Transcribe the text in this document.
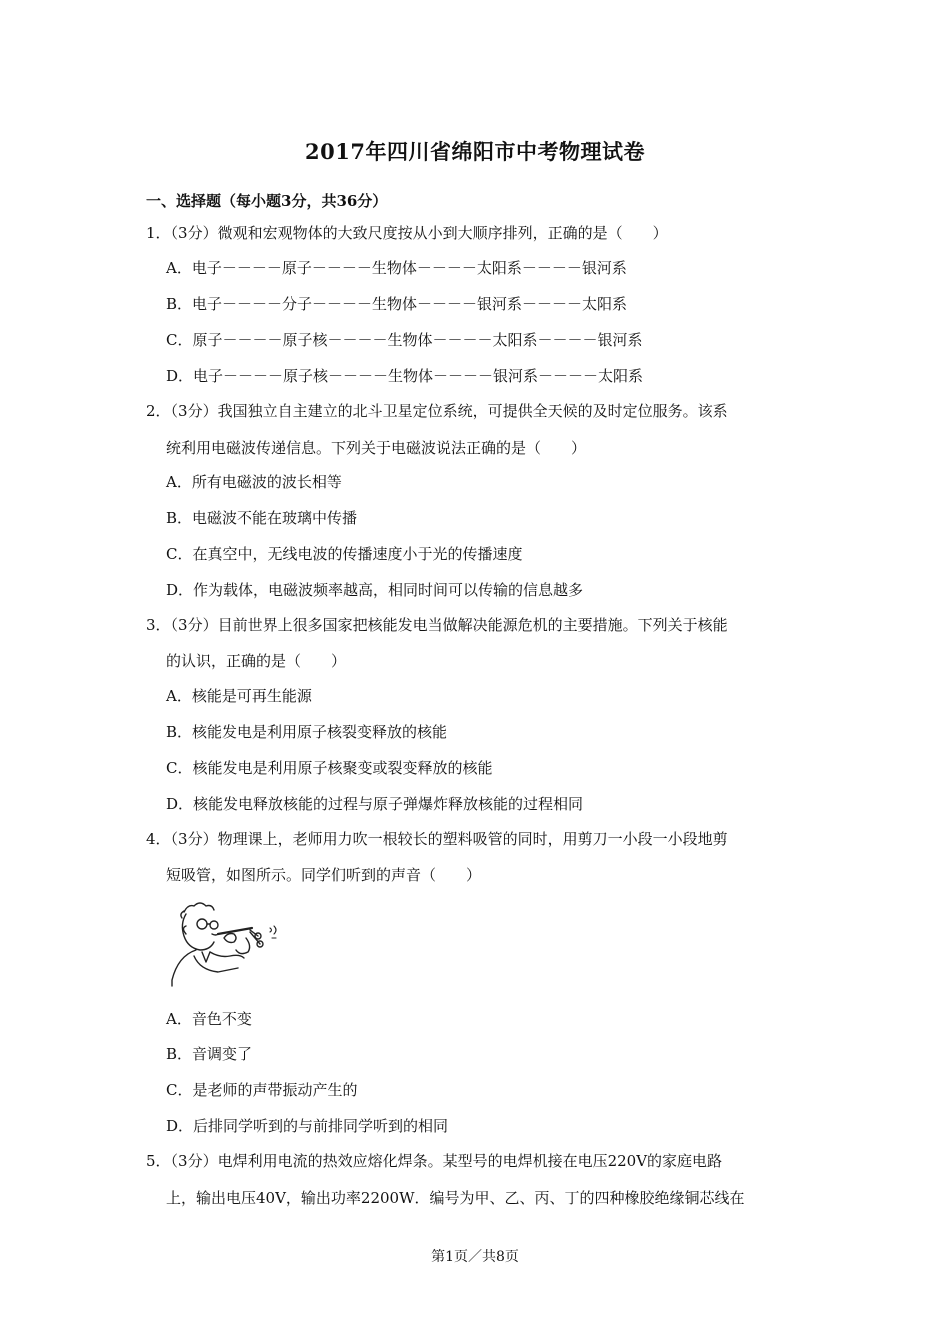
2017年四川省绵阳市中考物理试卷
一、选择题（每小题3分，共36分）
1．（3分）微观和宏观物体的大致尺度按从小到大顺序排列，正确的是（　　）
A．电子－－－－原子－－－－生物体－－－－太阳系－－－－银河系
B．电子－－－－分子－－－－生物体－－－－银河系－－－－太阳系
C．原子－－－－原子核－－－－生物体－－－－太阳系－－－－银河系
D．电子－－－－原子核－－－－生物体－－－－银河系－－－－太阳系
2．（3分）我国独立自主建立的北斗卫星定位系统，可提供全天候的及时定位服务。该系
统利用电磁波传递信息。下列关于电磁波说法正确的是（　　）
A．所有电磁波的波长相等
B．电磁波不能在玻璃中传播
C．在真空中，无线电波的传播速度小于光的传播速度
D．作为载体，电磁波频率越高，相同时间可以传输的信息越多
3．（3分）目前世界上很多国家把核能发电当做解决能源危机的主要措施。下列关于核能
的认识，正确的是（　　）
A．核能是可再生能源
B．核能发电是利用原子核裂变释放的核能
C．核能发电是利用原子核聚变或裂变释放的核能
D．核能发电释放核能的过程与原子弹爆炸释放核能的过程相同
4．（3分）物理课上，老师用力吹一根较长的塑料吸管的同时，用剪刀一小段一小段地剪
短吸管，如图所示。同学们听到的声音（　　）
A．音色不变
B．音调变了
C．是老师的声带振动产生的
D．后排同学听到的与前排同学听到的相同
5．（3分）电焊利用电流的热效应熔化焊条。某型号的电焊机接在电压220V的家庭电路
上，输出电压40V，输出功率2200W．编号为甲、乙、丙、丁的四种橡胶绝缘铜芯线在
第1页／共8页
